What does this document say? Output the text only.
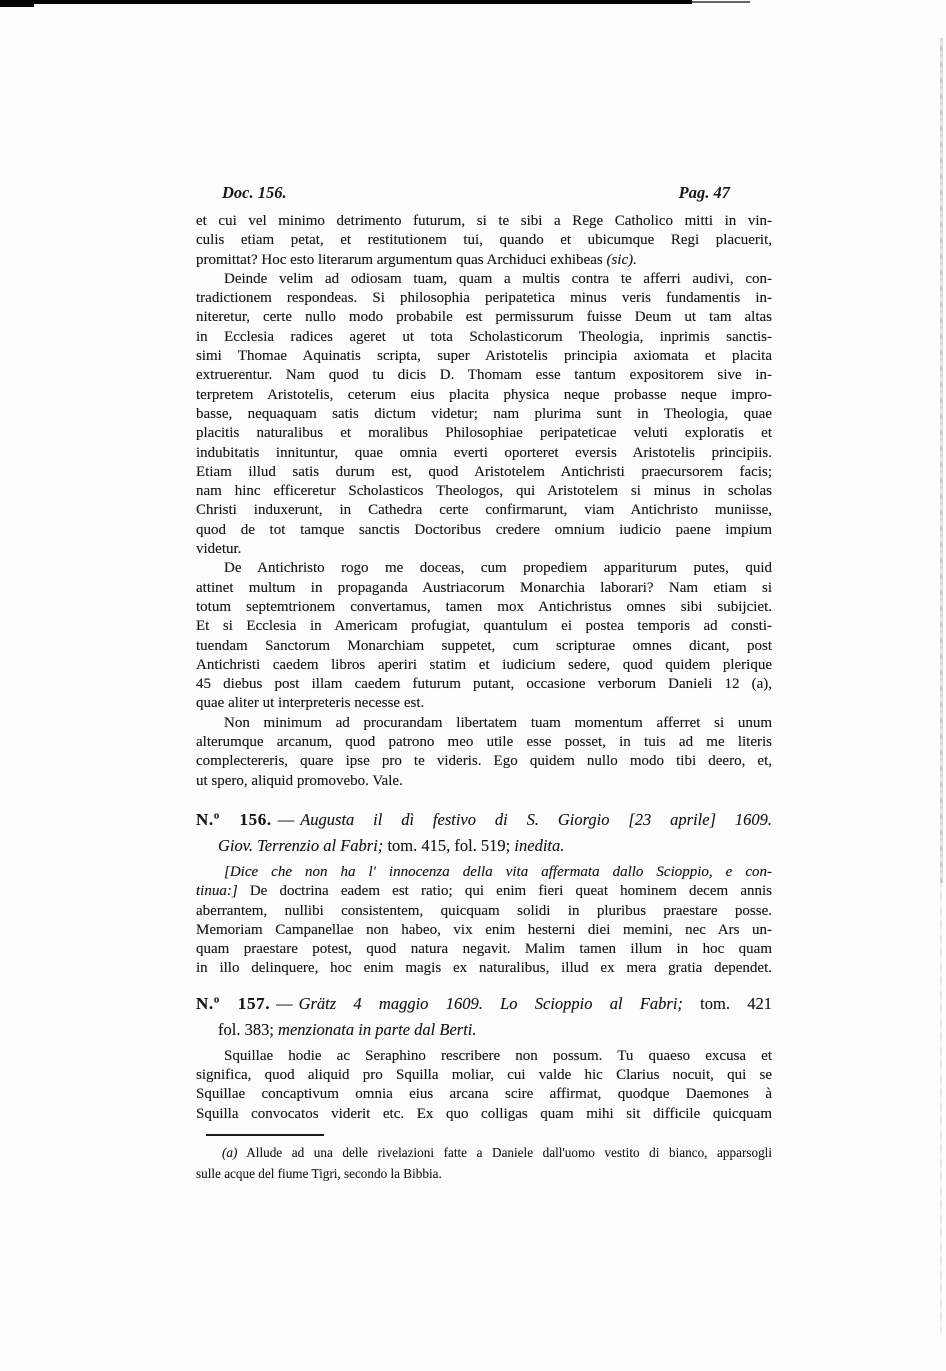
Doc. 156.	Pag. 47
et cui vel minimo detrimento futurum, si te sibi a Rege Catholico mitti in vin-
culis etiam petat, et restitutionem tui, quando et ubicumque Regi placuerit,
promittat? Hoc esto literarum argumentum quas Archiduci exhibeas (sic).
Deinde velim ad odiosam tuam, quam a multis contra te afferri audivi, con-
tradictionem respondeas. Si philosophia peripatetica minus veris fundamentis in-
niteretur, certe nullo modo probabile est permissurum fuisse Deum ut tam altas
in Ecclesia radices ageret ut tota Scholasticorum Theologia, inprimis sanctis-
simi Thomae Aquinatis scripta, super Aristotelis principia axiomata et placita
extruerentur. Nam quod tu dicis D. Thomam esse tantum expositorem sive in-
terpretem Aristotelis, ceterum eius placita physica neque probasse neque impro-
basse, nequaquam satis dictum videtur; nam plurima sunt in Theologia, quae
placitis naturalibus et moralibus Philosophiae peripateticae veluti exploratis et
indubitatis innituntur, quae omnia everti oporteret eversis Aristotelis principiis.
Etiam illud satis durum est, quod Aristotelem Antichristi praecursorem facis;
nam hinc efficeretur Scholasticos Theologos, qui Aristotelem si minus in scholas
Christi induxerunt, in Cathedra certe confirmarunt, viam Antichristo muniisse,
quod de tot tamque sanctis Doctoribus credere omnium iudicio paene impium
videtur.
De Antichristo rogo me doceas, cum propediem appariturum putes, quid
attinet multum in propaganda Austriacorum Monarchia laborari? Nam etiam si
totum septemtrionem convertamus, tamen mox Antichristus omnes sibi subijciet.
Et si Ecclesia in Americam profugiat, quantulum ei postea temporis ad consti-
tuendam Sanctorum Monarchiam suppetet, cum scripturae omnes dicant, post
Antichristi caedem libros aperiri statim et iudicium sedere, quod quidem plerique
45 diebus post illam caedem futurum putant, occasione verborum Danieli 12 (a),
quae aliter ut interpreteris necesse est.
Non minimum ad procurandam libertatem tuam momentum afferret si unum
alterumque arcanum, quod patrono meo utile esse posset, in tuis ad me literis
complectereris, quare ipse pro te videris. Ego quidem nullo modo tibi deero, et,
ut spero, aliquid promovebo. Vale.
N.º 156. — Augusta il dì festivo di S. Giorgio [23 aprile] 1609.
Giov. Terrenzio al Fabri; tom. 415, fol. 519; inedita.
[Dice che non ha l' innocenza della vita affermata dallo Scioppio, e con-
tinua:] De doctrina eadem est ratio; qui enim fieri queat hominem decem annis
aberrantem, nullibi consistentem, quicquam solidi in pluribus praestare posse.
Memoriam Campanellae non habeo, vix enim hesterni diei memini, nec Ars un-
quam praestare potest, quod natura negavit. Malim tamen illum in hoc quam
in illo delinquere, hoc enim magis ex naturalibus, illud ex mera gratia dependet.
N.º 157. — Grätz 4 maggio 1609. Lo Scioppio al Fabri; tom. 421
fol. 383; menzionata in parte dal Berti.
Squillae hodie ac Seraphino rescribere non possum. Tu quaeso excusa et
significa, quod aliquid pro Squilla moliar, cui valde hic Clarius nocuit, qui se
Squillae concaptivum omnia eius arcana scire affirmat, quodque Daemones à
Squilla convocatos viderit etc. Ex quo colligas quam mihi sit difficile quicquam
(a) Allude ad una delle rivelazioni fatte a Daniele dall'uomo vestito di bianco, apparsogli
sulle acque del fiume Tigri, secondo la Bibbia.
